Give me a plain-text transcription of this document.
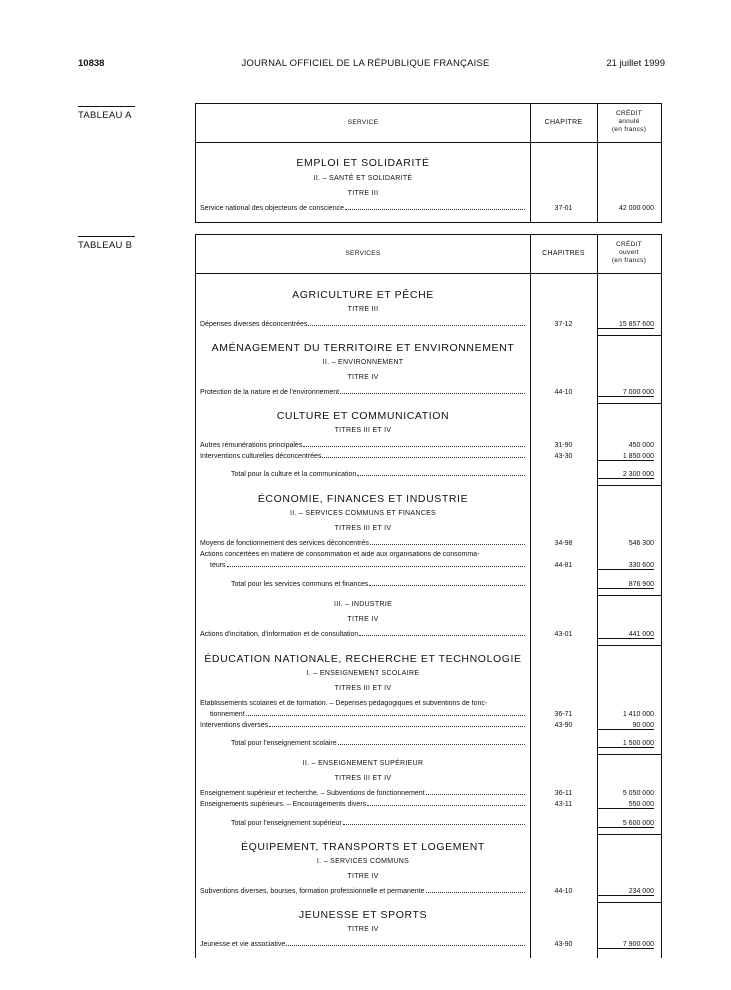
10838	JOURNAL OFFICIEL DE LA RÉPUBLIQUE FRANÇAISE	21 juillet 1999
TABLEAU A
SERVICE	CHAPITRE
CRÉDIT
annulé
(en francs)
EMPLOI ET SOLIDARITÉ
II. – SANTÉ ET SOLIDARITÉ
TITRE III
Service national des objecteurs de conscience	37-01	42 000 000
TABLEAU B
SERVICES	CHAPITRES
CRÉDIT
ouvert
(en francs)
AGRICULTURE ET PÊCHE
TITRE III
Dépenses diverses déconcentrées	37-12	15 857 600
AMÉNAGEMENT DU TERRITOIRE ET ENVIRONNEMENT
II. – ENVIRONNEMENT
TITRE IV
Protection de la nature et de l'environnement	44-10	7 000 000
CULTURE ET COMMUNICATION
TITRES III ET IV
Autres rémunérations principales	31-90	450 000
Interventions culturelles déconcentrées	43-30	1 850 000
Total pour la culture et la communication	2 300 000
ÉCONOMIE, FINANCES ET INDUSTRIE
II. – SERVICES COMMUNS ET FINANCES
TITRES III ET IV
Moyens de fonctionnement des services déconcentrés	34-98	546 300
Actions concertées en matière de consommation et aide aux organisations de consomma-
teurs	44-81	330 600
Total pour les services communs et finances	876 900
III. – INDUSTRIE
TITRE IV
Actions d'incitation, d'information et de consultation	43-01	441 000
ÉDUCATION NATIONALE, RECHERCHE ET TECHNOLOGIE
I. – ENSEIGNEMENT SCOLAIRE
TITRES III ET IV
Etablissements scolaires et de formation. – Dépenses pédagogiques et subventions de fonc-
tionnement	36-71	1 410 000
Interventions diverses	43-90	90 000
Total pour l'enseignement scolaire	1 500 000
II. – ENSEIGNEMENT SUPÉRIEUR
TITRES III ET IV
Enseignement supérieur et recherche. – Subventions de fonctionnement	36-11	5 050 000
Enseignements supérieurs. – Encouragements divers	43-11	550 000
Total pour l'enseignement supérieur	5 600 000
ÉQUIPEMENT, TRANSPORTS ET LOGEMENT
I. – SERVICES COMMUNS
TITRE IV
Subventions diverses, bourses, formation professionnelle et permanente	44-10	234 000
JEUNESSE ET SPORTS
TITRE IV
Jeunesse et vie associative	43-90	7 900 000
